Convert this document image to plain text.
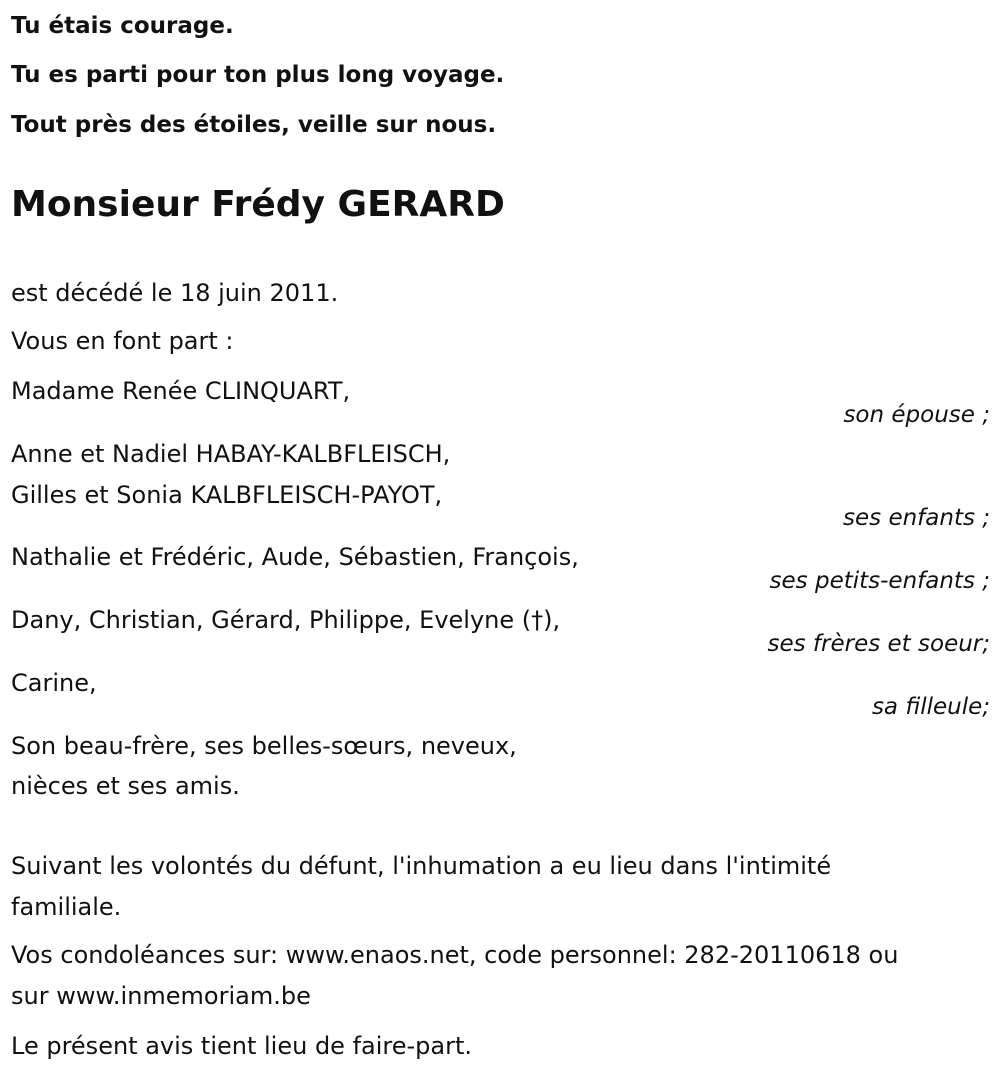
Tu étais courage.
Tu es parti pour ton plus long voyage.
Tout près des étoiles, veille sur nous.
Monsieur Frédy GERARD
est décédé le 18 juin 2011.
Vous en font part :
Madame Renée CLINQUART,
son épouse ;
Anne et Nadiel HABAY-KALBFLEISCH,
Gilles et Sonia KALBFLEISCH-PAYOT,
ses enfants ;
Nathalie et Frédéric, Aude, Sébastien, François,
ses petits-enfants ;
Dany, Christian, Gérard, Philippe, Evelyne (†),
ses frères et soeur;
Carine,
sa filleule;
Son beau-frère, ses belles-sœurs, neveux,
nièces et ses amis.
Suivant les volontés du défunt, l'inhumation a eu lieu dans l'intimité
familiale.
Vos condoléances sur: www.enaos.net, code personnel: 282-20110618 ou
sur www.inmemoriam.be
Le présent avis tient lieu de faire-part.
